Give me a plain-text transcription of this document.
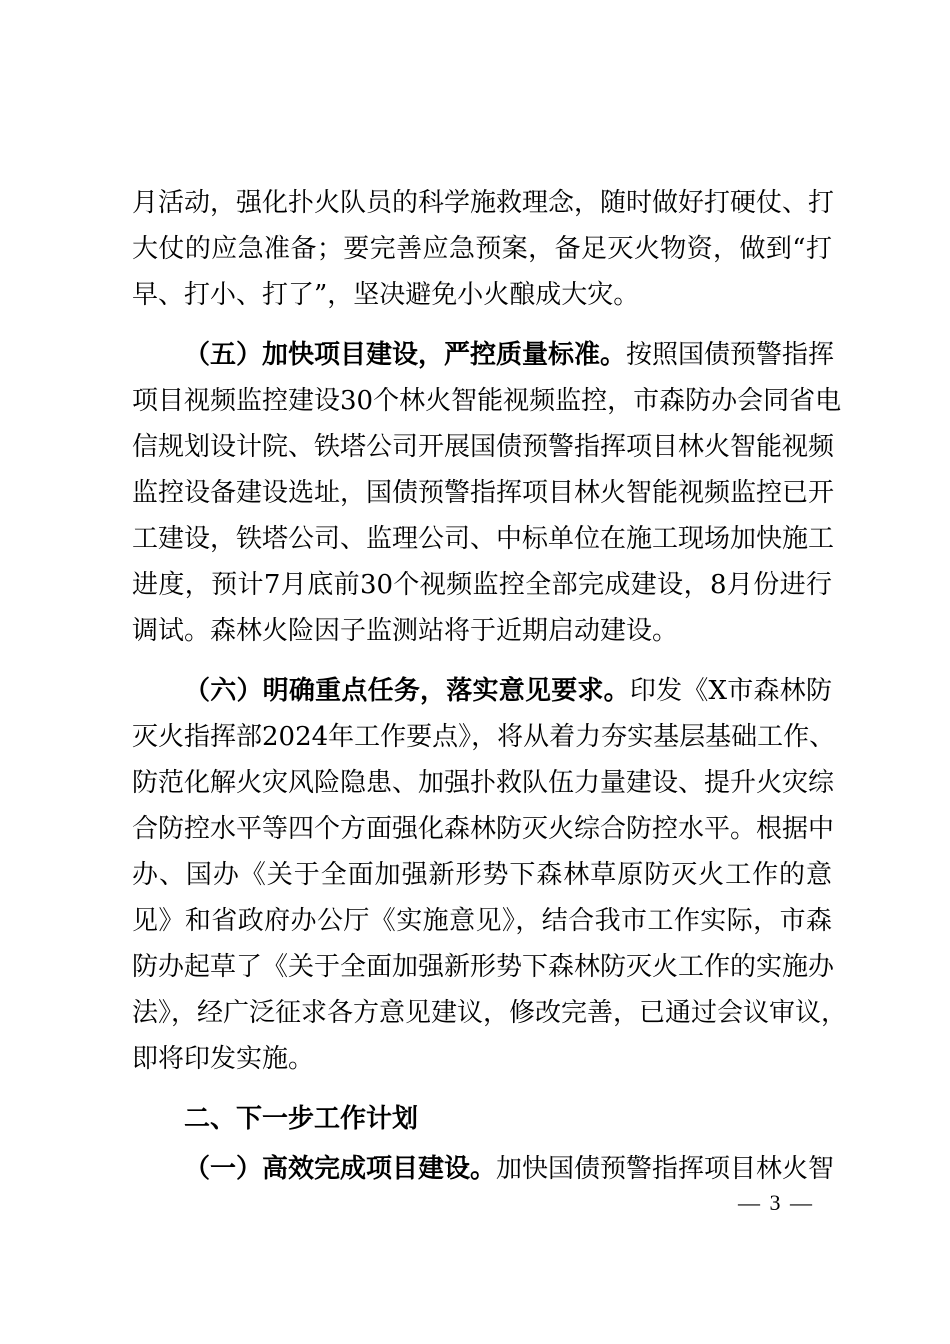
月活动，强化扑火队员的科学施救理念，随时做好打硬仗、打
大仗的应急准备；要完善应急预案，备足灭火物资，做到“打
早、打小、打了”，坚决避免小火酿成大灾。
（五）加快项目建设，严控质量标准。按照国债预警指挥
项目视频监控建设30个林火智能视频监控，市森防办会同省电
信规划设计院、铁塔公司开展国债预警指挥项目林火智能视频
监控设备建设选址，国债预警指挥项目林火智能视频监控已开
工建设，铁塔公司、监理公司、中标单位在施工现场加快施工
进度，预计7月底前30个视频监控全部完成建设，8月份进行
调试。森林火险因子监测站将于近期启动建设。
（六）明确重点任务，落实意见要求。印发《X市森林防
灭火指挥部2024年工作要点》，将从着力夯实基层基础工作、
防范化解火灾风险隐患、加强扑救队伍力量建设、提升火灾综
合防控水平等四个方面强化森林防灭火综合防控水平。根据中
办、国办《关于全面加强新形势下森林草原防灭火工作的意
见》和省政府办公厅《实施意见》，结合我市工作实际，市森
防办起草了《关于全面加强新形势下森林防灭火工作的实施办
法》，经广泛征求各方意见建议，修改完善，已通过会议审议，
即将印发实施。
二、下一步工作计划
（一）高效完成项目建设。加快国债预警指挥项目林火智
— 3 —
